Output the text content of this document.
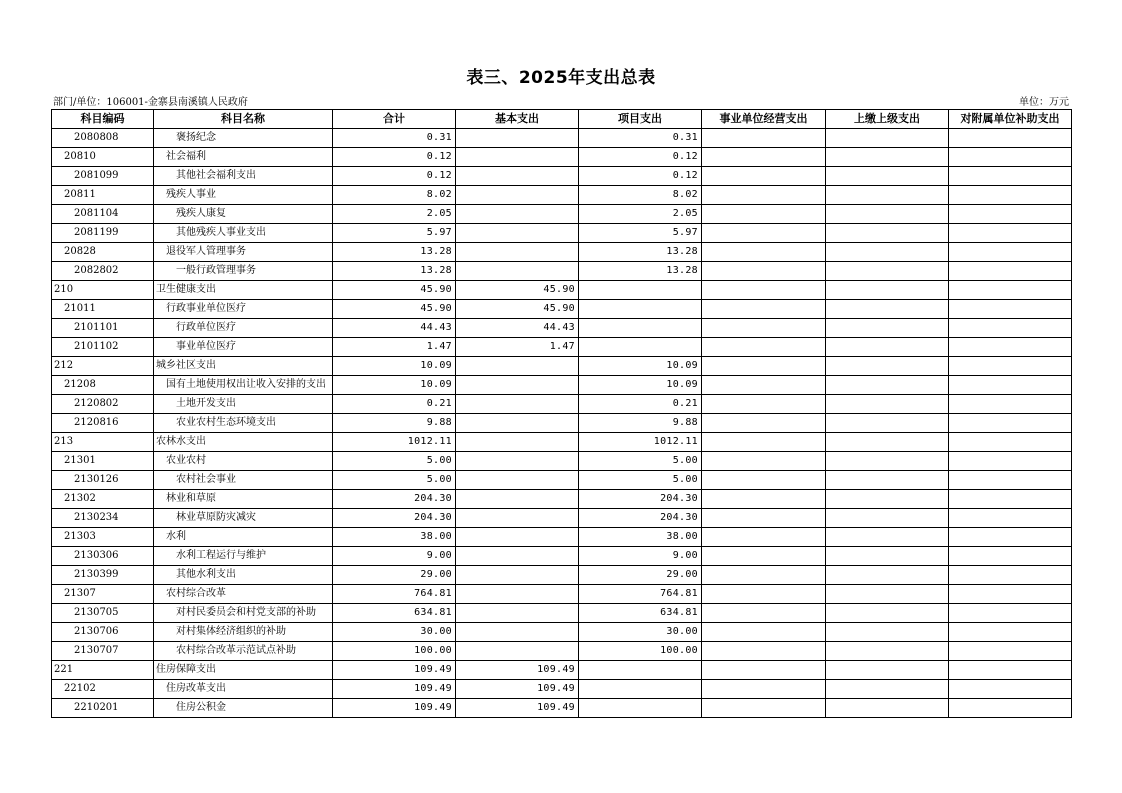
表三、2025年支出总表
部门/单位：106001-金寨县南溪镇人民政府	单位：万元
科目编码	科目名称	合计	基本支出	项目支出	事业单位经营支出	上缴上级支出	对附属单位补助支出
2080808	褒扬纪念	0.31		0.31			
20810	社会福利	0.12		0.12			
2081099	其他社会福利支出	0.12		0.12			
20811	残疾人事业	8.02		8.02			
2081104	残疾人康复	2.05		2.05			
2081199	其他残疾人事业支出	5.97		5.97			
20828	退役军人管理事务	13.28		13.28			
2082802	一般行政管理事务	13.28		13.28			
210	卫生健康支出	45.90	45.90				
21011	行政事业单位医疗	45.90	45.90				
2101101	行政单位医疗	44.43	44.43				
2101102	事业单位医疗	1.47	1.47				
212	城乡社区支出	10.09		10.09			
21208	国有土地使用权出让收入安排的支出	10.09		10.09			
2120802	土地开发支出	0.21		0.21			
2120816	农业农村生态环境支出	9.88		9.88			
213	农林水支出	1012.11		1012.11			
21301	农业农村	5.00		5.00			
2130126	农村社会事业	5.00		5.00			
21302	林业和草原	204.30		204.30			
2130234	林业草原防灾减灾	204.30		204.30			
21303	水利	38.00		38.00			
2130306	水利工程运行与维护	9.00		9.00			
2130399	其他水利支出	29.00		29.00			
21307	农村综合改革	764.81		764.81			
2130705	对村民委员会和村党支部的补助	634.81		634.81			
2130706	对村集体经济组织的补助	30.00		30.00			
2130707	农村综合改革示范试点补助	100.00		100.00			
221	住房保障支出	109.49	109.49				
22102	住房改革支出	109.49	109.49				
2210201	住房公积金	109.49	109.49				
